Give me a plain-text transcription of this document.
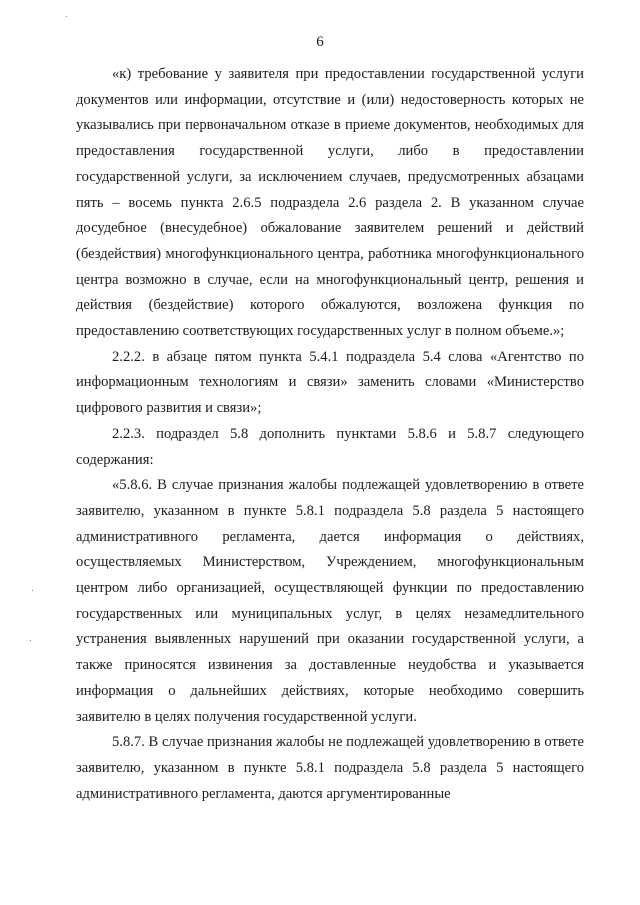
6

«к) требование у заявителя при предоставлении государственной услуги документов или информации, отсутствие и (или) недостоверность которых не указывались при первоначальном отказе в приеме документов, необходимых для предоставления государственной услуги, либо в предоставлении государственной услуги, за исключением случаев, предусмотренных абзацами пять – восемь пункта 2.6.5 подраздела 2.6 раздела 2. В указанном случае досудебное (внесудебное) обжалование заявителем решений и действий (бездействия) многофункционального центра, работника многофункционального центра возможно в случае, если на многофункциональный центр, решения и действия (бездействие) которого обжалуются, возложена функция по предоставлению соответствующих государственных услуг в полном объеме.»;

2.2.2. в абзаце пятом пункта 5.4.1 подраздела 5.4 слова «Агентство по информационным технологиям и связи» заменить словами «Министерство цифрового развития и связи»;

2.2.3. подраздел 5.8 дополнить пунктами 5.8.6 и 5.8.7 следующего содержания:

«5.8.6. В случае признания жалобы подлежащей удовлетворению в ответе заявителю, указанном в пункте 5.8.1 подраздела 5.8 раздела 5 настоящего административного регламента, дается информация о действиях, осуществляемых Министерством, Учреждением, многофункциональным центром либо организацией, осуществляющей функции по предоставлению государственных или муниципальных услуг, в целях незамедлительного устранения выявленных нарушений при оказании государственной услуги, а также приносятся извинения за доставленные неудобства и указывается информация о дальнейших действиях, которые необходимо совершить заявителю в целях получения государственной услуги.

5.8.7. В случае признания жалобы не подлежащей удовлетворению в ответе заявителю, указанном в пункте 5.8.1 подраздела 5.8 раздела 5 настоящего административного регламента, даются аргументированные
